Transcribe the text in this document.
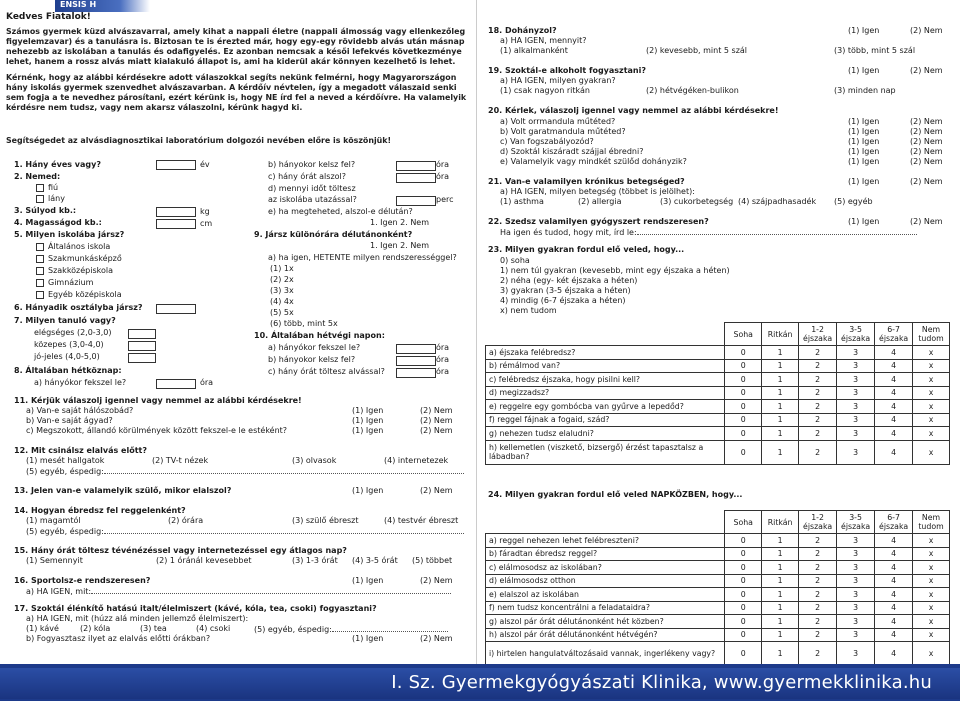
ENSIS H
Kedves Fiatalok!
Számos gyermek küzd alvászavarral, amely kihat a nappali életre (nappali álmosság vagy ellenkezőleg figyelemzavar) és a tanulásra is. Biztosan te is érezted már, hogy egy-egy rövidebb alvás után másnap nehezebb az iskolában a tanulás és odafigyelés. Ez azonban nemcsak a késői lefekvés következménye lehet, hanem a rossz alvás miatt kialakuló állapot is, ami ha kiderül akár könnyen kezelhető is lehet.
Kérnénk, hogy az alábbi kérdésekre adott válaszokkal segíts nekünk felmérni, hogy Magyarországon hány iskolás gyermek szenvedhet alvászavarban. A kérdőív névtelen, így a megadott válaszaid senki sem fogja a te nevedhez párosítani, ezért kérünk is, hogy NE írd fel a neved a kérdőívre. Ha valamelyik kérdésre nem tudsz, vagy nem akarsz válaszolni, kérünk hagyd ki.
Segítségedet az alvásdiagnosztikai laboratórium dolgozói nevében előre is köszönjük!
1. Hány éves vagy?	év
2. Nemed:
fiú
lány
3. Súlyod kb.:	kg
4. Magasságod kb.:	cm
5. Milyen iskolába jársz?
Általános iskola
Szakmunkásképző
Szakközépiskola
Gimnázium
Egyéb középiskola
6. Hányadik osztályba jársz?
7. Milyen tanuló vagy?
elégséges (2,0-3,0)
közepes (3,0-4,0)
jó-jeles (4,0-5,0)
8. Általában hétköznap:
a) hányókor fekszel le?	óra
b) hányokor kelsz fel?	óra
c) hány órát alszol?	óra
d) mennyi időt töltesz
az iskolába utazással?	perc
e) ha megteheted, alszol-e délután?
1. Igen 2. Nem
9. Jársz különórára délutánonként?
1. Igen 2. Nem
a) ha igen, HETENTE milyen rendszerességgel?
(1) 1x
(2) 2x
(3) 3x
(4) 4x
(5) 5x
(6) több, mint 5x
10. Általában hétvégi napon:
a) hányókor fekszel le?	óra
b) hányokor kelsz fel?	óra
c) hány órát töltesz alvással?	óra
11. Kérjük válaszolj igennel vagy nemmel az alábbi kérdésekre!
a) Van-e saját hálószobád?	(1) Igen	(2) Nem
b) Van-e saját ágyad?	(1) Igen	(2) Nem
c) Megszokott, állandó körülmények között fekszel-e le estéként?	(1) Igen	(2) Nem
12. Mit csinálsz elalvás előtt?
(1) mesét hallgatok	(2) TV-t nézek	(3) olvasok	(4) internetezek
(5) egyéb, éspedig:
13. Jelen van-e valamelyik szülő, mikor elalszol?	(1) Igen	(2) Nem
14. Hogyan ébredsz fel reggelenként?
(1) magamtól	(2) órára	(3) szülő ébreszt	(4) testvér ébreszt
(5) egyéb, éspedig:
15. Hány órát töltesz tévénézéssel vagy internetezéssel egy átlagos nap?
(1) Semennyit	(2) 1 óránál kevesebbet	(3) 1-3 órát (4) 3-5 órát (5) többet
16. Sportolsz-e rendszeresen?	(1) Igen	(2) Nem
a) HA IGEN, mit:
17. Szoktál élénkítő hatású italt/élelmiszert (kávé, kóla, tea, csoki) fogyasztani?
a) HA IGEN, mit (húzz alá minden jellemző élelmiszert):
(1) kávé	(2) kóla	(3) tea	(4) csoki	(5) egyéb, éspedig:
b) Fogyasztasz ilyet az elalvás előtti órákban?	(1) Igen	(2) Nem
18. Dohányzol?	(1) Igen	(2) Nem
a) HA IGEN, mennyit?
(1) alkalmanként	(2) kevesebb, mint 5 szál	(3) több, mint 5 szál
19. Szoktál-e alkoholt fogyasztani?	(1) Igen	(2) Nem
a) HA IGEN, milyen gyakran?
(1) csak nagyon ritkán	(2) hétvégéken-bulikon	(3) minden nap
20. Kérlek, válaszolj igennel vagy nemmel az alábbi kérdésekre!
a) Volt orrmandula műtéted?	(1) Igen	(2) Nem
b) Volt garatmandula műtéted?	(1) Igen	(2) Nem
c) Van fogszabályozód?	(1) Igen	(2) Nem
d) Szoktál kiszáradt szájjal ébredni?	(1) Igen	(2) Nem
e) Valamelyik vagy mindkét szülőd dohányzik?	(1) Igen	(2) Nem
21. Van-e valamilyen krónikus betegséged?	(1) Igen	(2) Nem
a) HA IGEN, milyen betegség (többet is jelölhet):
(1) asthma	(2) allergia	(3) cukorbetegség (4) szájpadhasadék (5) egyéb
22. Szedsz valamilyen gyógyszert rendszeresen?	(1) Igen	(2) Nem
Ha igen és tudod, hogy mit, írd le:
23. Milyen gyakran fordul elő veled, hogy...
0) soha
1) nem túl gyakran (kevesebb, mint egy éjszaka a héten)
2) néha (egy- két éjszaka a héten)
3) gyakran (3-5 éjszaka a héten)
4) mindig (6-7 éjszaka a héten)
x) nem tudom
	Soha	Ritkán	1-2 éjszaka	3-5 éjszaka	6-7 éjszaka	Nem tudom
a) éjszaka felébredsz?	0	1	2	3	4	x
b) rémálmod van?	0	1	2	3	4	x
c) felébredsz éjszaka, hogy pisilni kell?	0	1	2	3	4	x
d) megizzadsz?	0	1	2	3	4	x
e) reggelre egy gombócba van gyűrve a lepedőd?	0	1	2	3	4	x
f) reggel fájnak a fogaid, szád?	0	1	2	3	4	x
g) nehezen tudsz elaludni?	0	1	2	3	4	x
h) kellemetlen (viszkető, bizsergő) érzést tapasztalsz a lábadban?	0	1	2	3	4	x
24. Milyen gyakran fordul elő veled NAPKÖZBEN, hogy...
	Soha	Ritkán	1-2 éjszaka	3-5 éjszaka	6-7 éjszaka	Nem tudom
a) reggel nehezen lehet felébreszteni?	0	1	2	3	4	x
b) fáradtan ébredsz reggel?	0	1	2	3	4	x
c) elálmosodsz az iskolában?	0	1	2	3	4	x
d) elálmosodsz otthon	0	1	2	3	4	x
e) elalszol az iskolában	0	1	2	3	4	x
f) nem tudsz koncentrálni a feladataidra?	0	1	2	3	4	x
g) alszol pár órát délutánonként hét közben?	0	1	2	3	4	x
h) alszol pár órát délutánonként hétvégén?	0	1	2	3	4	x
i) hirtelen hangulatváltozásaid vannak, ingerlékeny vagy?	0	1	2	3	4	x
I. Sz. Gyermekgyógyászati Klinika, www.gyermekklinika.hu
